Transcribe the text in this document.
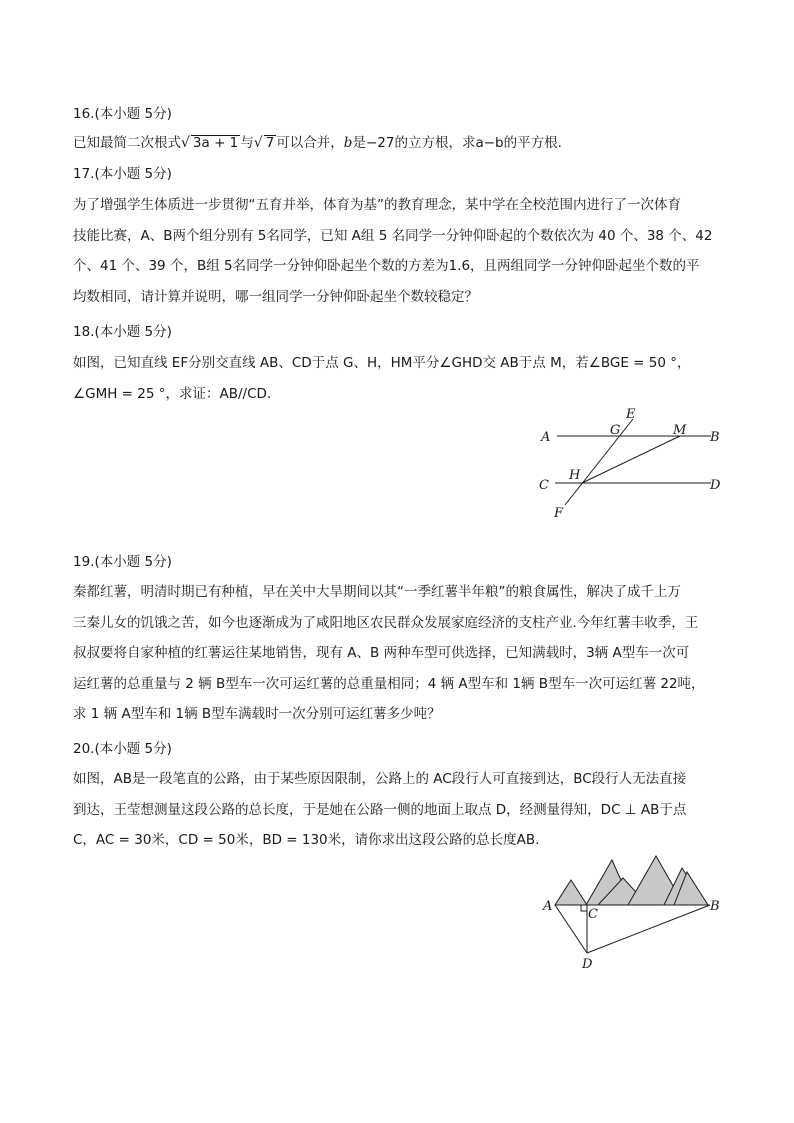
16.(本小题 5分)
已知最简二次根式√ 3a + 1 与√ 7 可以合并，b是−27的立方根，求a−b的平方根.
17.(本小题 5分)
为了增强学生体质进一步贯彻“五育并举，体育为基”的教育理念，某中学在全校范围内进行了一次体育
技能比赛，A、B两个组分别有 5名同学，已知 A组 5 名同学一分钟仰卧起的个数依次为 40 个、38 个、42
个、41 个、39 个，B组 5名同学一分钟仰卧起坐个数的方差为1.6，且两组同学一分钟仰卧起坐个数的平
均数相同，请计算并说明，哪一组同学一分钟仰卧起坐个数较稳定？
18.(本小题 5分)
如图，已知直线 EF分别交直线 AB、CD于点 G、H，HM平分∠GHD交 AB于点 M，若∠BGE = 50 °，
∠GMH = 25 °，求证：AB//CD.
A	B
C	D
E
F
G
H
M
19.(本小题 5分)
秦都红薯，明清时期已有种植，早在关中大旱期间以其“一季红薯半年粮”的粮食属性，解决了成千上万
三秦儿女的饥饿之苦，如今也逐渐成为了咸阳地区农民群众发展家庭经济的支柱产业.今年红薯丰收季，王
叔叔要将自家种植的红薯运往某地销售，现有 A、B 两种车型可供选择，已知满载时，3辆 A型车一次可
运红薯的总重量与 2 辆 B型车一次可运红薯的总重量相同；4 辆 A型车和 1辆 B型车一次可运红薯 22吨，
求 1 辆 A型车和 1辆 B型车满载时一次分别可运红薯多少吨？
20.(本小题 5分)
如图，AB是一段笔直的公路，由于某些原因限制，公路上的 AC段行人可直接到达，BC段行人无法直接
到达，王莹想测量这段公路的总长度，于是她在公路一侧的地面上取点 D，经测量得知，DC ⊥ AB于点
C，AC = 30米，CD = 50米，BD = 130米，请你求出这段公路的总长度AB.
A	B
C
D
